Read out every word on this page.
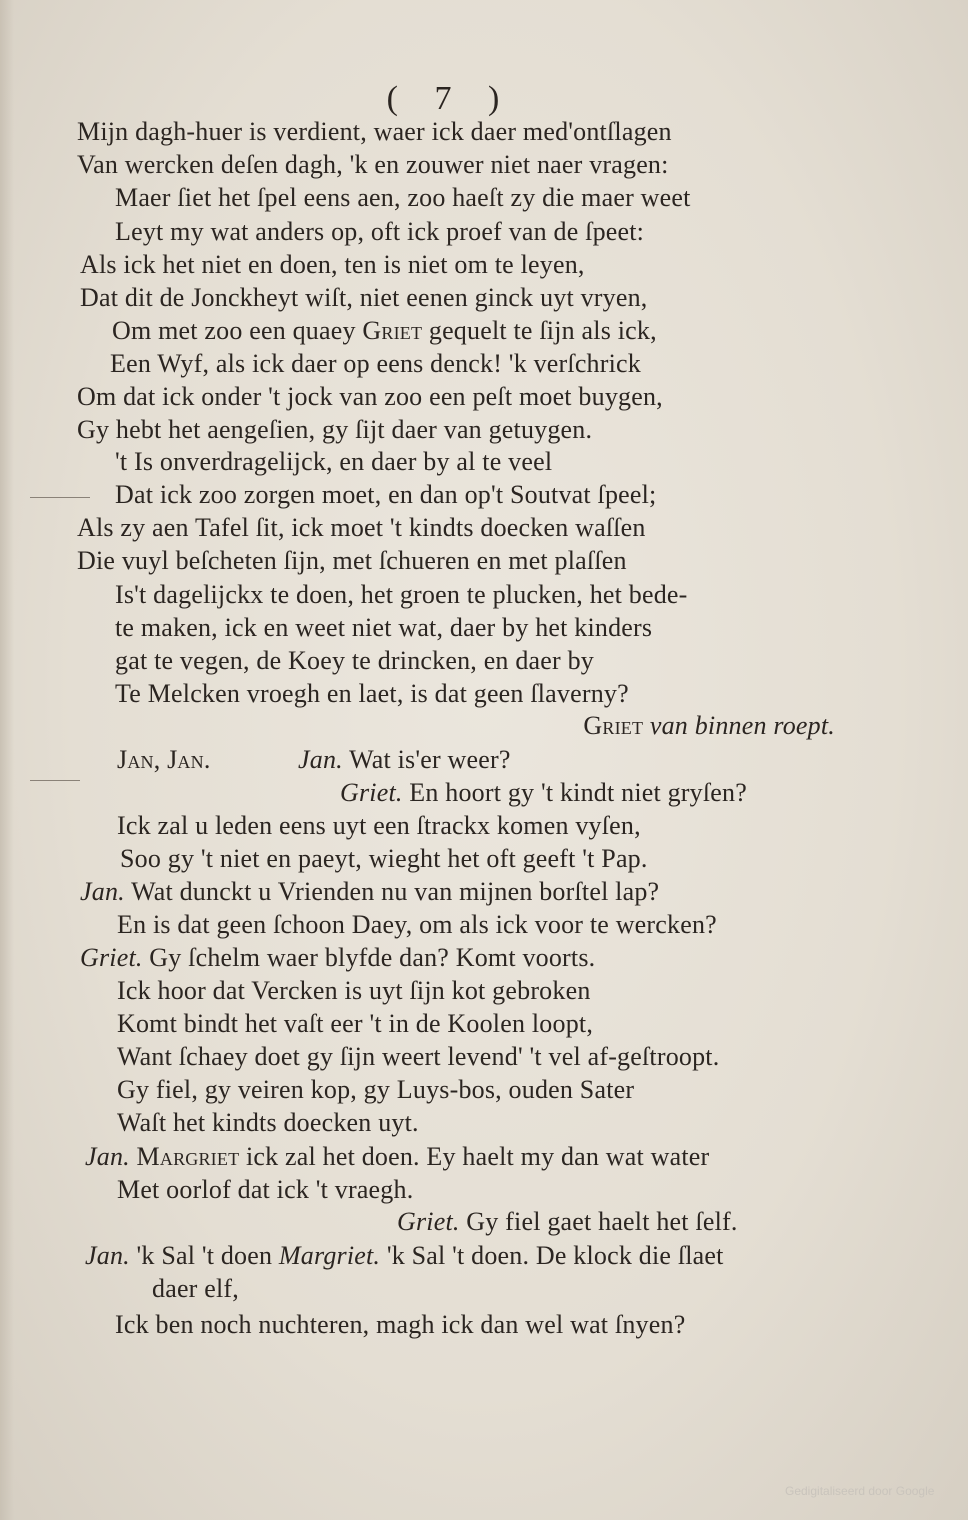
( 7 )
Mijn dagh-huer is verdient, waer ick daer med'ontſlagen
Van wercken deſen dagh, 'k en zouwer niet naer vragen:
Maer ſiet het ſpel eens aen, zoo haeſt zy die maer weet
Leyt my wat anders op, oft ick proef van de ſpeet:
Als ick het niet en doen, ten is niet om te leyen,
Dat dit de Jonckheyt wiſt, niet eenen ginck uyt vryen,
Om met zoo een quaey Griet gequelt te ſijn als ick,
Een Wyf, als ick daer op eens denck! 'k verſchrick
Om dat ick onder 't jock van zoo een peſt moet buygen,
Gy hebt het aengeſien, gy ſijt daer van getuygen.
't Is onverdragelijck, en daer by al te veel
Dat ick zoo zorgen moet, en dan op't Soutvat ſpeel;
Als zy aen Tafel ſit, ick moet 't kindts doecken waſſen
Die vuyl beſcheten ſijn, met ſchueren en met plaſſen
Is't dagelijckx te doen, het groen te plucken, het bede-
te maken, ick en weet niet wat, daer by het kinders
gat te vegen, de Koey te drincken, en daer by
Te Melcken vroegh en laet, is dat geen ſlaverny?
Griet van binnen roept.
Jan, Jan.	Jan. Wat is'er weer?
Griet. En hoort gy 't kindt niet gryſen?
Ick zal u leden eens uyt een ſtrackx komen vyſen,
Soo gy 't niet en paeyt, wieght het oft geeft 't Pap.
Jan. Wat dunckt u Vrienden nu van mijnen borſtel lap?
En is dat geen ſchoon Daey, om als ick voor te wercken?
Griet. Gy ſchelm waer blyfde dan? Komt voorts.
Ick hoor dat Vercken is uyt ſijn kot gebroken
Komt bindt het vaſt eer 't in de Koolen loopt,
Want ſchaey doet gy ſijn weert levend' 't vel af-geſtroopt.
Gy fiel, gy veiren kop, gy Luys-bos, ouden Sater
Waſt het kindts doecken uyt.
Jan. Margriet ick zal het doen. Ey haelt my dan wat water
Met oorlof dat ick 't vraegh.
Griet. Gy fiel gaet haelt het ſelf.
Jan. 'k Sal 't doen Margriet. 'k Sal 't doen. De klock die ſlaet
daer elf,
Ick ben noch nuchteren, magh ick dan wel wat ſnyen?
Gedigitaliseerd door Google
